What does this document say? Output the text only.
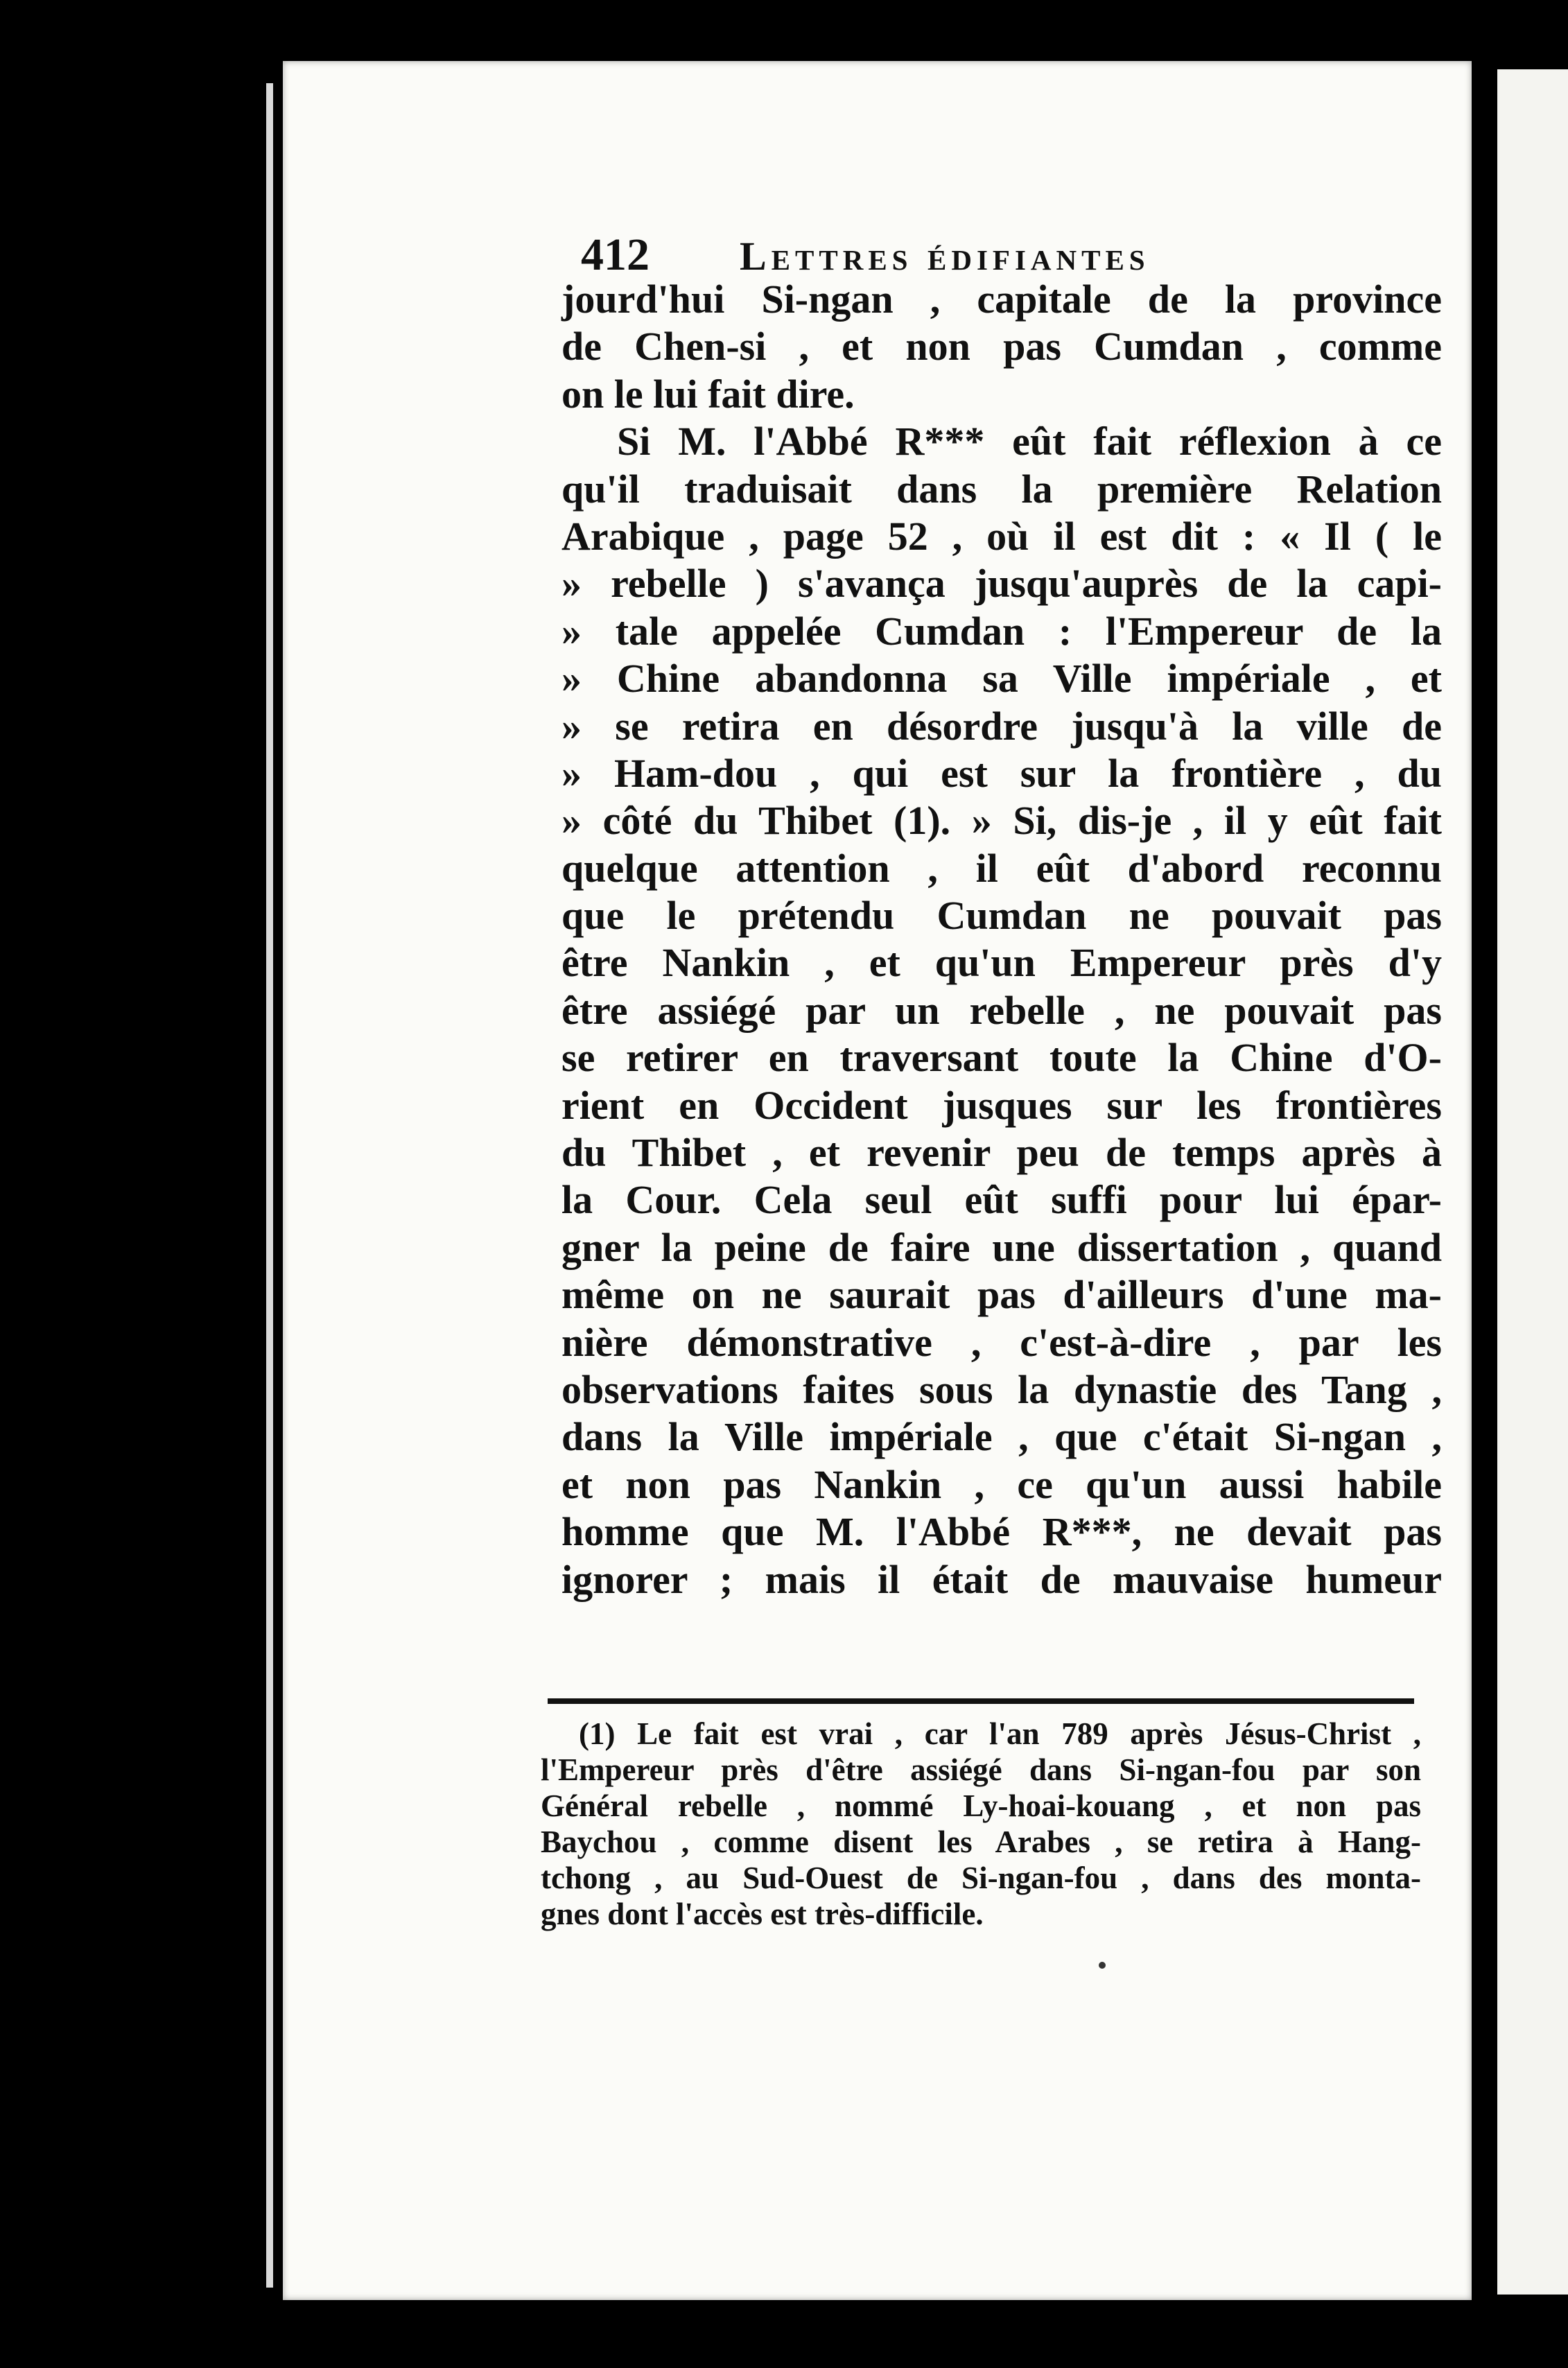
412 Lettres édifiantes
jourd'hui Si-ngan , capitale de la province
de Chen-si , et non pas Cumdan , comme
on le lui fait dire.
Si M. l'Abbé R*** eût fait réflexion à ce
qu'il traduisait dans la première Relation
Arabique , page 52 , où il est dit : « Il ( le
» rebelle ) s'avança jusqu'auprès de la capi-
» tale appelée Cumdan : l'Empereur de la
» Chine abandonna sa Ville impériale , et
» se retira en désordre jusqu'à la ville de
» Ham-dou , qui est sur la frontière , du
» côté du Thibet (1). » Si, dis-je , il y eût fait
quelque attention , il eût d'abord reconnu
que le prétendu Cumdan ne pouvait pas
être Nankin , et qu'un Empereur près d'y
être assiégé par un rebelle , ne pouvait pas
se retirer en traversant toute la Chine d'O-
rient en Occident jusques sur les frontières
du Thibet , et revenir peu de temps après à
la Cour. Cela seul eût suffi pour lui épar-
gner la peine de faire une dissertation , quand
même on ne saurait pas d'ailleurs d'une ma-
nière démonstrative , c'est-à-dire , par les
observations faites sous la dynastie des Tang ,
dans la Ville impériale , que c'était Si-ngan ,
et non pas Nankin , ce qu'un aussi habile
homme que M. l'Abbé R***, ne devait pas
ignorer ; mais il était de mauvaise humeur
(1) Le fait est vrai , car l'an 789 après Jésus-Christ ,
l'Empereur près d'être assiégé dans Si-ngan-fou par son
Général rebelle , nommé Ly-hoai-kouang , et non pas
Baychou , comme disent les Arabes , se retira à Hang-
tchong , au Sud-Ouest de Si-ngan-fou , dans des monta-
gnes dont l'accès est très-difficile.
